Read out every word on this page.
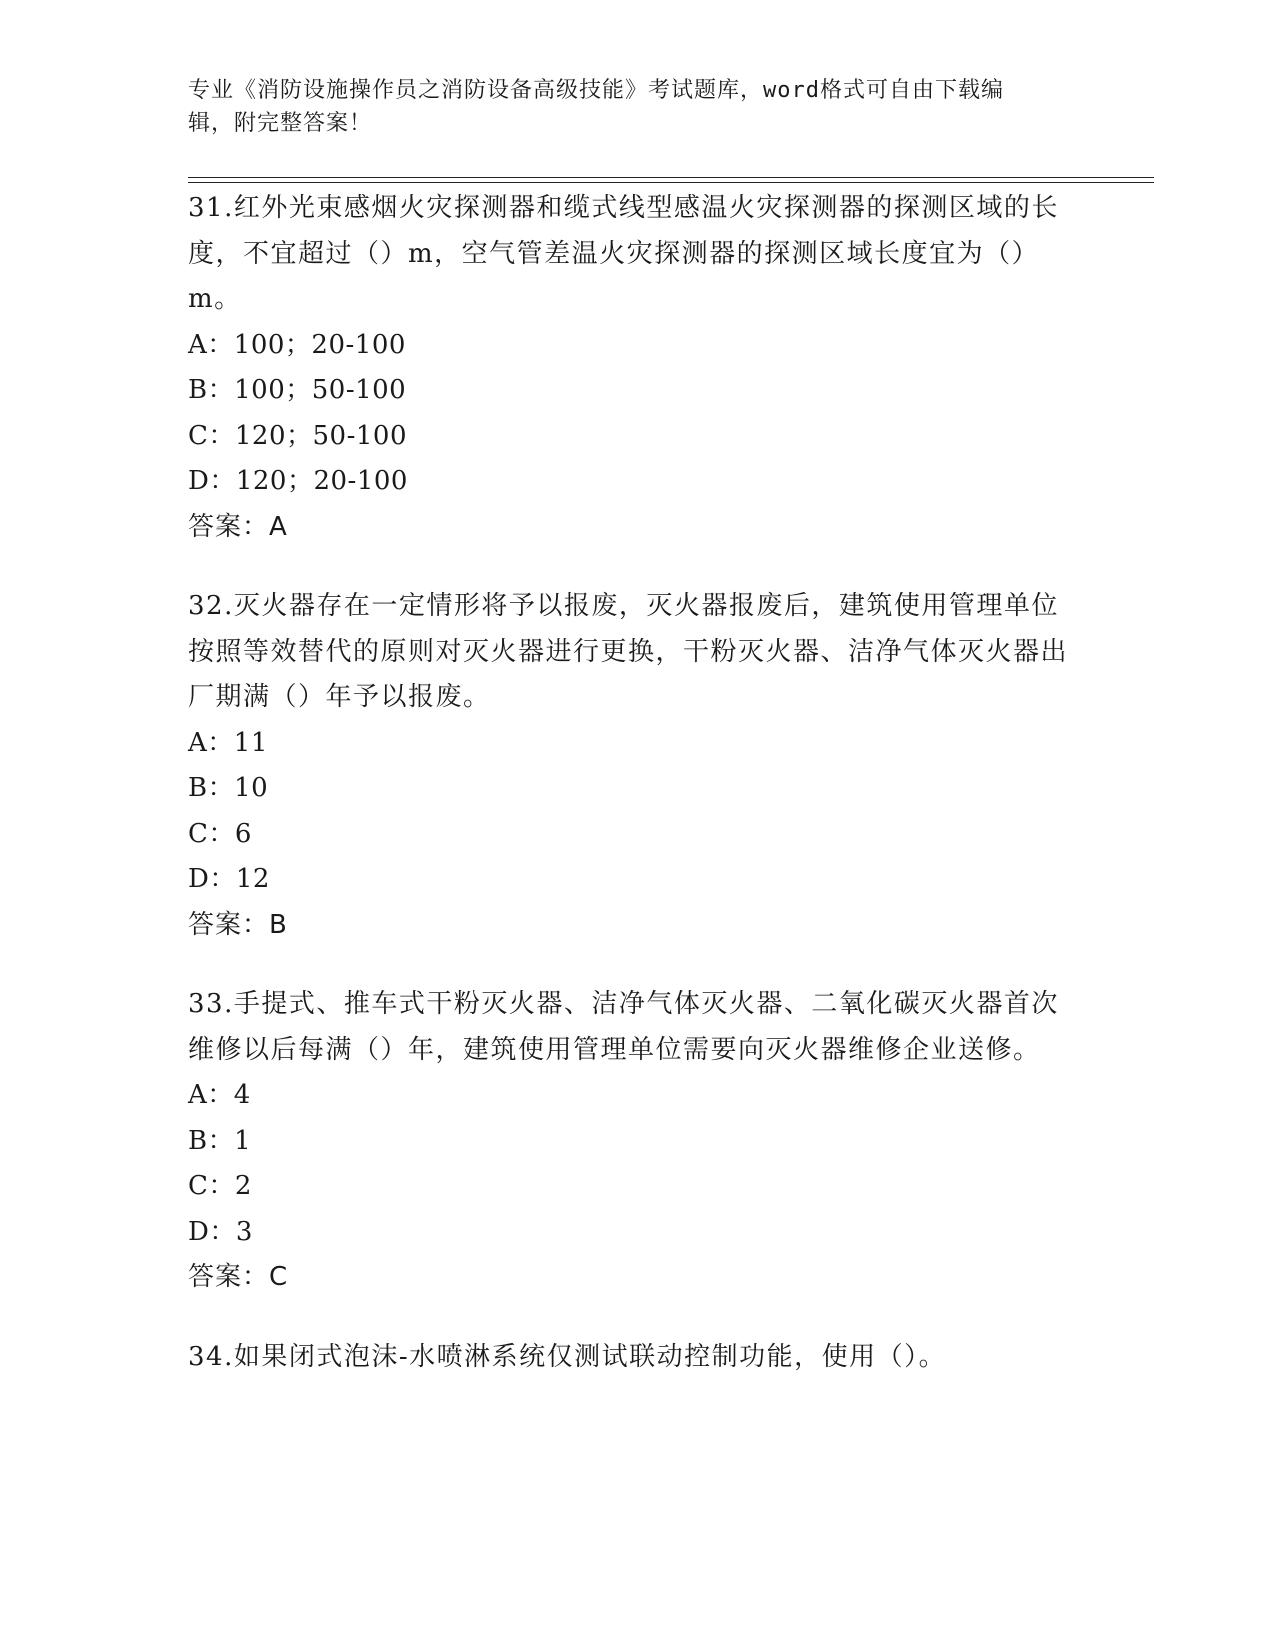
专业《消防设施操作员之消防设备高级技能》考试题库，word格式可自由下载编
辑，附完整答案！

31.红外光束感烟火灾探测器和缆式线型感温火灾探测器的探测区域的长度，不宜超过（）m，空气管差温火灾探测器的探测区域长度宜为（）m。

A：100；20-100

B：100；50-100

C：120；50-100

D：120；20-100

答案：A

32.灭火器存在一定情形将予以报废，灭火器报废后，建筑使用管理单位按照等效替代的原则对灭火器进行更换，干粉灭火器、洁净气体灭火器出厂期满（）年予以报废。

A：11

B：10

C：6

D：12

答案：B

33.手提式、推车式干粉灭火器、洁净气体灭火器、二氧化碳灭火器首次维修以后每满（）年，建筑使用管理单位需要向灭火器维修企业送修。

A：4

B：1

C：2

D：3

答案：C

34.如果闭式泡沫-水喷淋系统仅测试联动控制功能，使用（）。
